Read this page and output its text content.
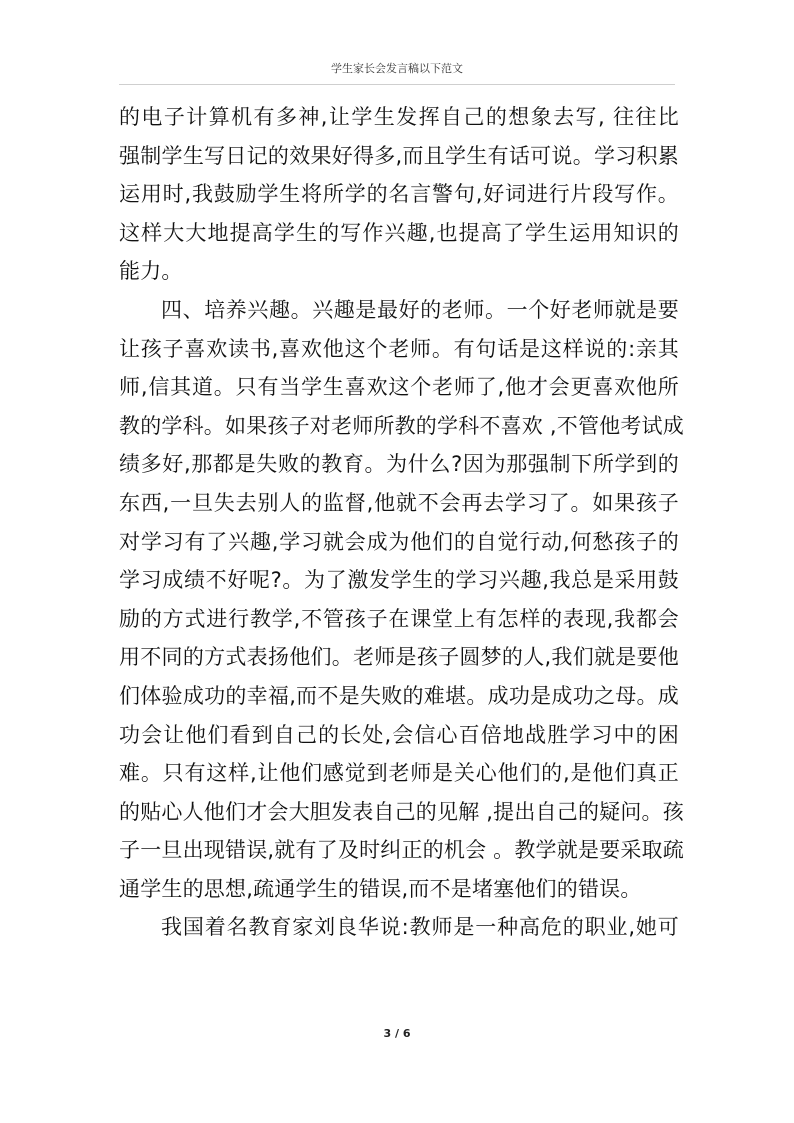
学生家长会发言稿以下范文
的电子计算机有多神,让学生发挥自己的想象去写, 往往比
强制学生写日记的效果好得多,而且学生有话可说。学习积累
运用时,我鼓励学生将所学的名言警句,好词进行片段写作。
这样大大地提高学生的写作兴趣,也提高了学生运用知识的
能力。
四、培养兴趣。兴趣是最好的老师。一个好老师就是要
让孩子喜欢读书,喜欢他这个老师。有句话是这样说的:亲其
师,信其道。只有当学生喜欢这个老师了,他才会更喜欢他所
教的学科。如果孩子对老师所教的学科不喜欢 ,不管他考试成
绩多好,那都是失败的教育。为什么?因为那强制下所学到的
东西,一旦失去别人的监督,他就不会再去学习了。如果孩子
对学习有了兴趣,学习就会成为他们的自觉行动,何愁孩子的
学习成绩不好呢?。为了激发学生的学习兴趣,我总是采用鼓
励的方式进行教学,不管孩子在课堂上有怎样的表现,我都会
用不同的方式表扬他们。老师是孩子圆梦的人,我们就是要他
们体验成功的幸福,而不是失败的难堪。成功是成功之母。成
功会让他们看到自己的长处,会信心百倍地战胜学习中的困
难。只有这样,让他们感觉到老师是关心他们的,是他们真正
的贴心人他们才会大胆发表自己的见解 ,提出自己的疑问。孩
子一旦出现错误,就有了及时纠正的机会 。教学就是要采取疏
通学生的思想,疏通学生的错误,而不是堵塞他们的错误。
我国着名教育家刘良华说:教师是一种高危的职业,她可
3 / 6
